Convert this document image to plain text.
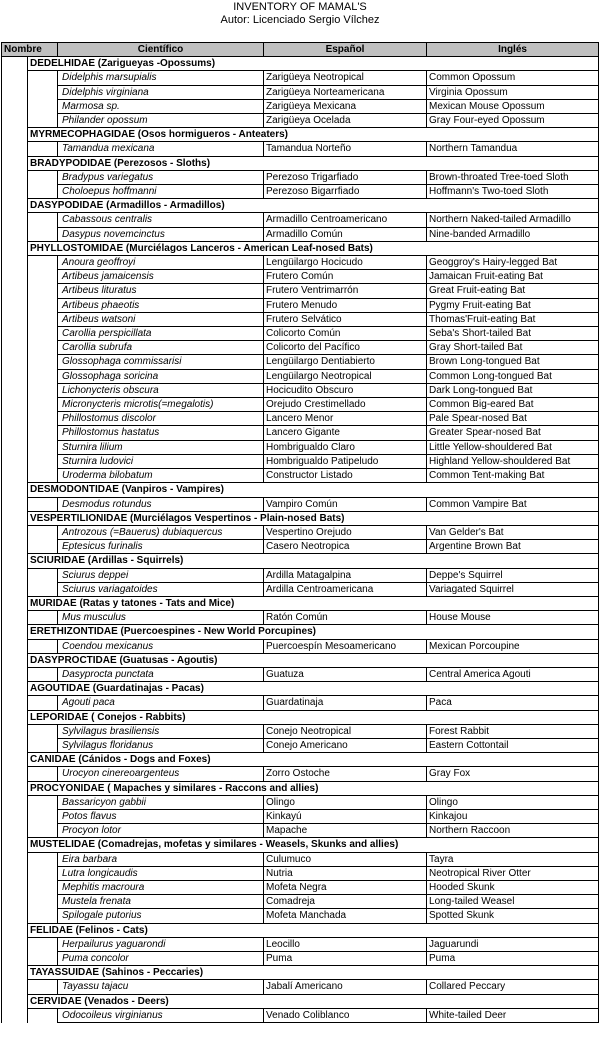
INVENTORY OF MAMAL'S
Autor: Licenciado Sergio Vílchez
Nombre		Científico	Español	Inglés
	DEDELHIDAE (Zarigueyas -Opossums)			
		Didelphis marsupialis	Zarigüeya Neotropical	Common Opossum
		Didelphis virginiana	Zarigüeya Norteamericana	Virginia Opossum
		Marmosa sp.	Zarigüeya Mexicana	Mexican Mouse Opossum
		Philander opossum	Zarigüeya Ocelada	Gray Four-eyed Opossum
	MYRMECOPHAGIDAE (Osos hormigueros - Anteaters)			
		Tamandua mexicana	Tamandua Norteño	Northern Tamandua
	BRADYPODIDAE (Perezosos - Sloths)			
		Bradypus variegatus	Perezoso Trigarfiado	Brown-throated Tree-toed Sloth
		Choloepus hoffmanni	Perezoso Bigarrfiado	Hoffmann's Two-toed Sloth
	DASYPODIDAE (Armadillos - Armadillos)			
		Cabassous centralis	Armadillo Centroamericano	Northern Naked-tailed Armadillo
		Dasypus novemcinctus	Armadillo Común	Nine-banded Armadillo
	PHYLLOSTOMIDAE (Murciélagos Lanceros - American Leaf-nosed Bats)			
		Anoura geoffroyi	Lengüilargo Hocicudo	Geoggroy's Hairy-legged Bat
		Artibeus jamaicensis	Frutero Común	Jamaican Fruit-eating Bat
		Artibeus lituratus	Frutero Ventrimarrón	Great Fruit-eating Bat
		Artibeus phaeotis	Frutero Menudo	Pygmy Fruit-eating Bat
		Artibeus watsoni	Frutero Selvático	Thomas'Fruit-eating Bat
		Carollia perspicillata	Colicorto Común	Seba's Short-tailed Bat
		Carollia subrufa	Colicorto del Pacífico	Gray Short-tailed Bat
		Glossophaga commissarisi	Lengüilargo Dentiabierto	Brown Long-tongued Bat
		Glossophaga soricina	Lengüilargo Neotropical	Common Long-tongued Bat
		Lichonycteris obscura	Hocicudito Obscuro	Dark Long-tongued Bat
		Micronycteris microtis(=megalotis)	Orejudo Crestimellado	Common Big-eared Bat
		Phillostomus discolor	Lancero Menor	Pale Spear-nosed Bat
		Phillostomus hastatus	Lancero Gigante	Greater Spear-nosed Bat
		Sturnira lilium	Hombrigualdo Claro	Little Yellow-shouldered Bat
		Sturnira ludovici	Hombrigualdo Patipeludo	Highland Yellow-shouldered Bat
		Uroderma bilobatum	Constructor Listado	Common Tent-making Bat
	DESMODONTIDAE (Vanpiros - Vampires)			
		Desmodus rotundus	Vampiro Común	Common Vampire Bat
	VESPERTILIONIDAE (Murciélagos Vespertinos - Plain-nosed Bats)			
		Antrozous (=Bauerus) dubiaquercus	Vespertino Orejudo	Van Gelder's Bat
		Eptesicus furinalis	Casero Neotropica	Argentine Brown Bat
	SCIURIDAE (Ardillas - Squirrels)			
		Sciurus deppei	Ardilla Matagalpina	Deppe's Squirrel
		Sciurus variagatoides	Ardilla Centroamericana	Variagated Squirrel
	MURIDAE (Ratas y tatones - Tats and Mice)			
		Mus musculus	Ratón Común	House Mouse
	ERETHIZONTIDAE (Puercoespines - New World Porcupines)			
		Coendou mexicanus	Puercoespín Mesoamericano	Mexican Porcoupine
	DASYPROCTIDAE (Guatusas - Agoutis)			
		Dasyprocta punctata	Guatuza	Central America Agouti
	AGOUTIDAE (Guardatinajas - Pacas)			
		Agouti paca	Guardatinaja	Paca
	LEPORIDAE ( Conejos - Rabbits)			
		Sylvilagus brasiliensis	Conejo Neotropical	Forest Rabbit
		Sylvilagus floridanus	Conejo Americano	Eastern Cottontail
	CANIDAE (Cánidos - Dogs and Foxes)			
		Urocyon cinereoargenteus	Zorro Ostoche	Gray Fox
	PROCYONIDAE ( Mapaches y similares - Raccons and allies)			
		Bassaricyon gabbii	Olingo	Olingo
		Potos flavus	Kinkayú	Kinkajou
		Procyon lotor	Mapache	Northern Raccoon
	MUSTELIDAE (Comadrejas, mofetas y similares - Weasels, Skunks and allies)			
		Eira barbara	Culumuco	Tayra
		Lutra longicaudis	Nutria	Neotropical River Otter
		Mephitis macroura	Mofeta Negra	Hooded Skunk
		Mustela frenata	Comadreja	Long-tailed Weasel
		Spilogale putorius	Mofeta Manchada	Spotted Skunk
	FELIDAE (Felinos - Cats)			
		Herpailurus yaguarondi	Leocillo	Jaguarundi
		Puma concolor	Puma	Puma
	TAYASSUIDAE (Sahinos - Peccaries)			
		Tayassu tajacu	Jabalí Americano	Collared Peccary
	CERVIDAE (Venados - Deers)			
		Odocoileus virginianus	Venado Coliblanco	White-tailed Deer
